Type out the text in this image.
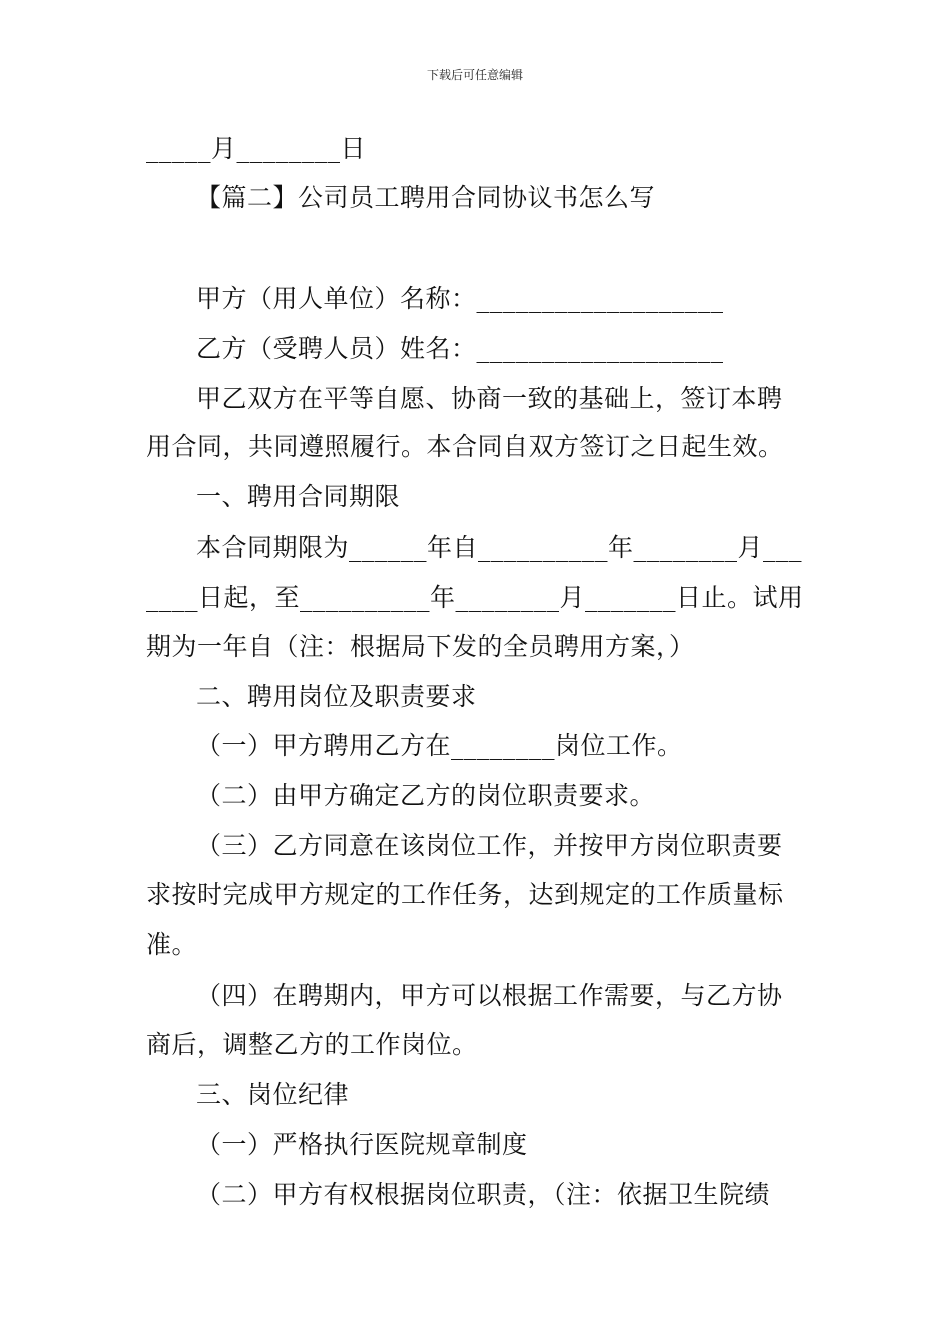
下载后可任意编辑
_____月________日
【篇二】公司员工聘用合同协议书怎么写
甲方（用人单位）名称：___________________
乙方（受聘人员）姓名：___________________
甲乙双方在平等自愿、协商一致的基础上，签订本聘
用合同，共同遵照履行。本合同自双方签订之日起生效。
一、聘用合同期限
本合同期限为______年自__________年________月___
____日起，至__________年________月_______日止。试用
期为一年自（注：根据局下发的全员聘用方案，）
二、聘用岗位及职责要求
（一）甲方聘用乙方在________岗位工作。
（二）由甲方确定乙方的岗位职责要求。
（三）乙方同意在该岗位工作，并按甲方岗位职责要
求按时完成甲方规定的工作任务，达到规定的工作质量标
准。
（四）在聘期内，甲方可以根据工作需要，与乙方协
商后，调整乙方的工作岗位。
三、岗位纪律
（一）严格执行医院规章制度
（二）甲方有权根据岗位职责，（注：依据卫生院绩
